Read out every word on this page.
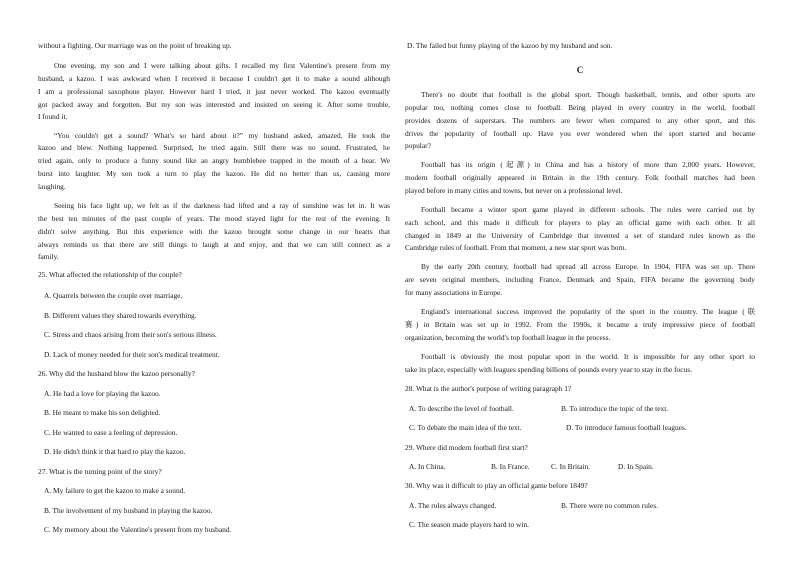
without a fighting. Our marriage was on the point of breaking up.
One evening, my son and I were talking about gifts. I recalled my first Valentine's present from my
husband, a kazoo. I was awkward when I received it because I couldn't get it to make a sound although
I am a professional saxophone player. However hard I tried, it just never worked. The kazoo eventually
got packed away and forgotten. But my son was interested and insisted on seeing it. After some trouble,
I found it.
“You couldn't get a sound? What's so hard about it?” my husband asked, amazed. He took the
kazoo and blew. Nothing happened. Surprised, he tried again. Still there was no sound. Frustrated, he
tried again, only to produce a funny sound like an angry bumblebee trapped in the mouth of a bear. We
burst into laughter. My son took a turn to play the kazoo. He did no better than us, causing more
laughing.
Seeing his face light up, we felt as if the darkness had lifted and a ray of sunshine was let in. It was
the best ten minutes of the past couple of years. The mood stayed light for the rest of the evening. It
didn't solve anything. But this experience with the kazoo brought some change in our hearts that
always reminds us that there are still things to laugh at and enjoy, and that we can still connect as a
family.
25. What affected the relationship of the couple?
A. Quarrels between the couple over marriage.
B. Different values they shared towards everything.
C. Stress and chaos arising from their son's serious illness.
D. Lack of money needed for their son's medical treatment.
26. Why did the husband blow the kazoo personally?
A. He had a love for playing the kazoo.
B. He meant to make his son delighted.
C. He wanted to ease a feeling of depression.
D. He didn't think it that hard to play the kazoo.
27. What is the turning point of the story?
A. My failure to get the kazoo to make a sound.
B. The involvement of my husband in playing the kazoo.
C. My memory about the Valentine's present from my husband.
D. The failed but funny playing of the kazoo by my husband and son.
C
There's no doubt that football is the global sport. Though basketball, tennis, and other sports are
popular too, nothing comes close to football. Being played in every country in the world, football
provides dozens of superstars. The numbers are fewer when compared to any other sport, and this
drives the popularity of football up. Have you ever wondered when the sport started and became
popular?
Football has its origin (起源) in China and has a history of more than 2,000 years. However,
modern football originally appeared in Britain in the 19th century. Folk football matches had been
played before in many cities and towns, but never on a professional level.
Football became a winter sport game played in different schools. The rules were carried out by
each school, and this made it difficult for players to play an official game with each other. It all
changed in 1849 at the University of Cambridge that invented a set of standard rules known as the
Cambridge rules of football. From that moment, a new star sport was born.
By the early 20th century, football had spread all across Europe. In 1904, FIFA was set up. There
are seven original members, including France, Denmark and Spain, FIFA became the governing body
for many associations in Europe.
England's international success improved the popularity of the sport in the country. The league (联
赛) in Britain was set up in 1992. From the 1990s, it became a truly impressive piece of football
organization, becoming the world's top football league in the process.
Football is obviously the most popular sport in the world. It is impossible for any other sport to
take its place, especially with leagues spending billions of pounds every year to stay in the focus.
28. What is the author's purpose of writing paragraph 1?
A. To describe the level of football.	B. To introduce the topic of the text.
C. To debate the main idea of the text.	D. To introduce famous football leagues.
29. Where did modern football first start?
A. In China.	B. In France.	C. In Britain.	D. In Spain.
30. Why was it difficult to play an official game before 1849?
A. The rules always changed.	B. There were no common rules.
C. The season made players hard to win.
